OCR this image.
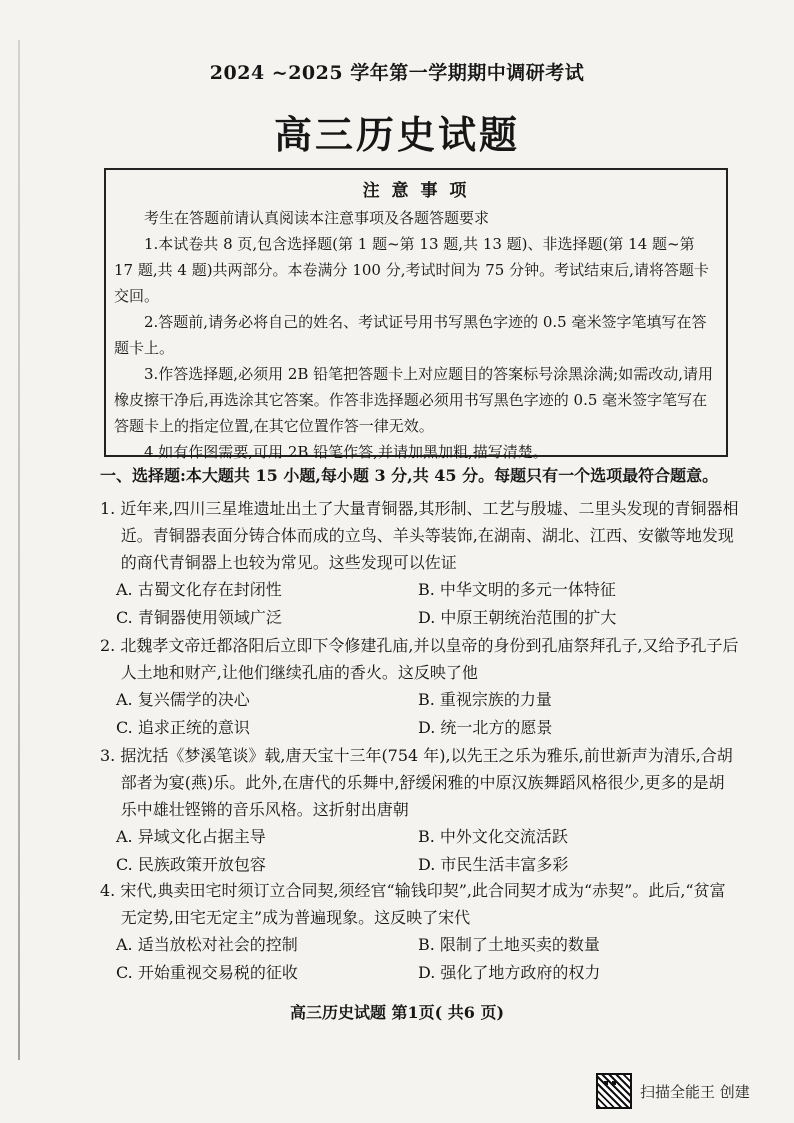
2024 ~2025 学年第一学期期中调研考试
高三历史试题
注 意 事 项

考生在答题前请认真阅读本注意事项及各题答题要求

1.本试卷共 8 页,包含选择题(第 1 题~第 13 题,共 13 题)、非选择题(第 14 题~第 17 题,共 4 题)共两部分。本卷满分 100 分,考试时间为 75 分钟。考试结束后,请将答题卡交回。

2.答题前,请务必将自己的姓名、考试证号用书写黑色字迹的 0.5 毫米签字笔填写在答题卡上。

3.作答选择题,必须用 2B 铅笔把答题卡上对应题目的答案标号涂黑涂满;如需改动,请用橡皮擦干净后,再选涂其它答案。作答非选择题必须用书写黑色字迹的 0.5 毫米签字笔写在答题卡上的指定位置,在其它位置作答一律无效。

4.如有作图需要,可用 2B 铅笔作答,并请加黑加粗,描写清楚。

一、选择题:本大题共 15 小题,每小题 3 分,共 45 分。每题只有一个选项最符合题意。

1. 近年来,四川三星堆遗址出土了大量青铜器,其形制、工艺与殷墟、二里头发现的青铜器相近。青铜器表面分铸合体而成的立鸟、羊头等装饰,在湖南、湖北、江西、安徽等地发现的商代青铜器上也较为常见。这些发现可以佐证

A. 古蜀文化存在封闭性	B. 中华文明的多元一体特征
C. 青铜器使用领域广泛	D. 中原王朝统治范围的扩大

2. 北魏孝文帝迁都洛阳后立即下令修建孔庙,并以皇帝的身份到孔庙祭拜孔子,又给予孔子后人土地和财产,让他们继续孔庙的香火。这反映了他

A. 复兴儒学的决心	B. 重视宗族的力量
C. 追求正统的意识	D. 统一北方的愿景

3. 据沈括《梦溪笔谈》载,唐天宝十三年(754 年),以先王之乐为雅乐,前世新声为清乐,合胡部者为宴(燕)乐。此外,在唐代的乐舞中,舒缓闲雅的中原汉族舞蹈风格很少,更多的是胡乐中雄壮铿锵的音乐风格。这折射出唐朝

A. 异域文化占据主导	B. 中外文化交流活跃
C. 民族政策开放包容	D. 市民生活丰富多彩

4. 宋代,典卖田宅时须订立合同契,须经官“输钱印契”,此合同契才成为“赤契”。此后,“贫富无定势,田宅无定主”成为普遍现象。这反映了宋代

A. 适当放松对社会的控制	B. 限制了土地买卖的数量
C. 开始重视交易税的征收	D. 强化了地方政府的权力
高三历史试题 第1页( 共6 页)
扫描全能王 创建
